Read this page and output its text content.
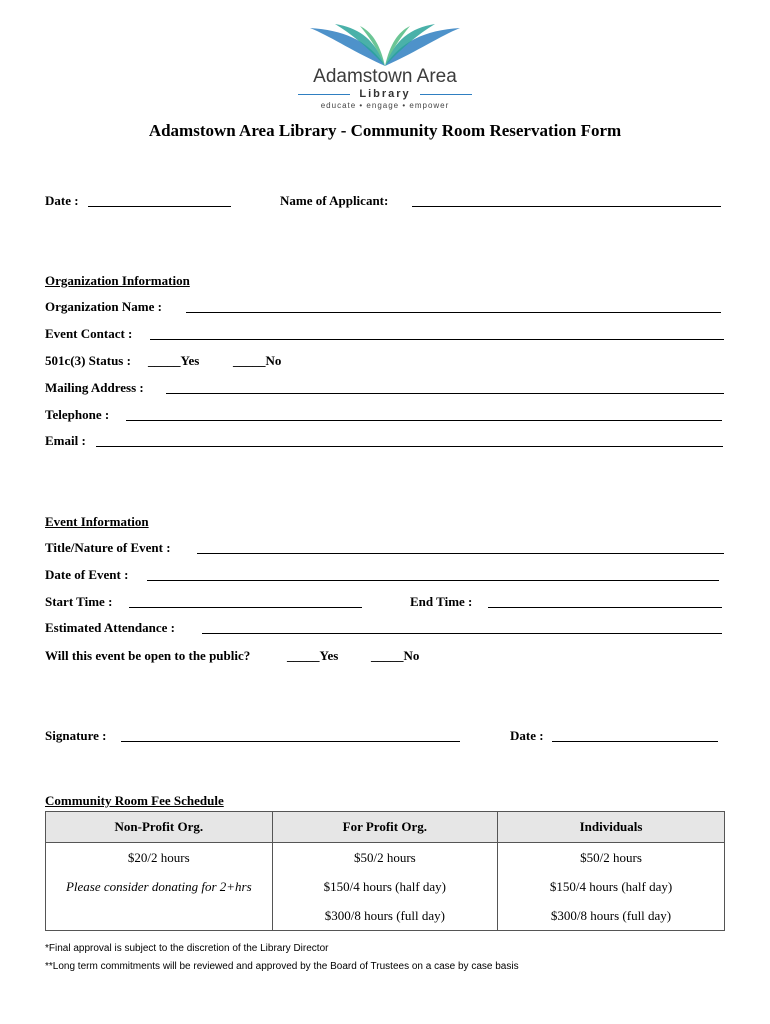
Adamstown Area
Library
educate • engage • empower
Adamstown Area Library - Community Room Reservation Form
Date :	Name of Applicant:
Organization Information
Organization Name :
Event Contact :
501c(3) Status : _____Yes	_____No
Mailing Address :
Telephone :
Email :
Event Information
Title/Nature of Event :
Date of Event :
Start Time :	End Time :
Estimated Attendance :
Will this event be open to the public?	_____Yes	_____No
Signature :	Date :
Community Room Fee Schedule
Non-Profit Org.	For Profit Org.	Individuals
$20/2 hours	$50/2 hours	$50/2 hours
Please consider donating for 2+hrs	$150/4 hours (half day)	$150/4 hours (half day)
	$300/8 hours (full day)	$300/8 hours (full day)
*Final approval is subject to the discretion of the Library Director
**Long term commitments will be reviewed and approved by the Board of Trustees on a case by case basis
